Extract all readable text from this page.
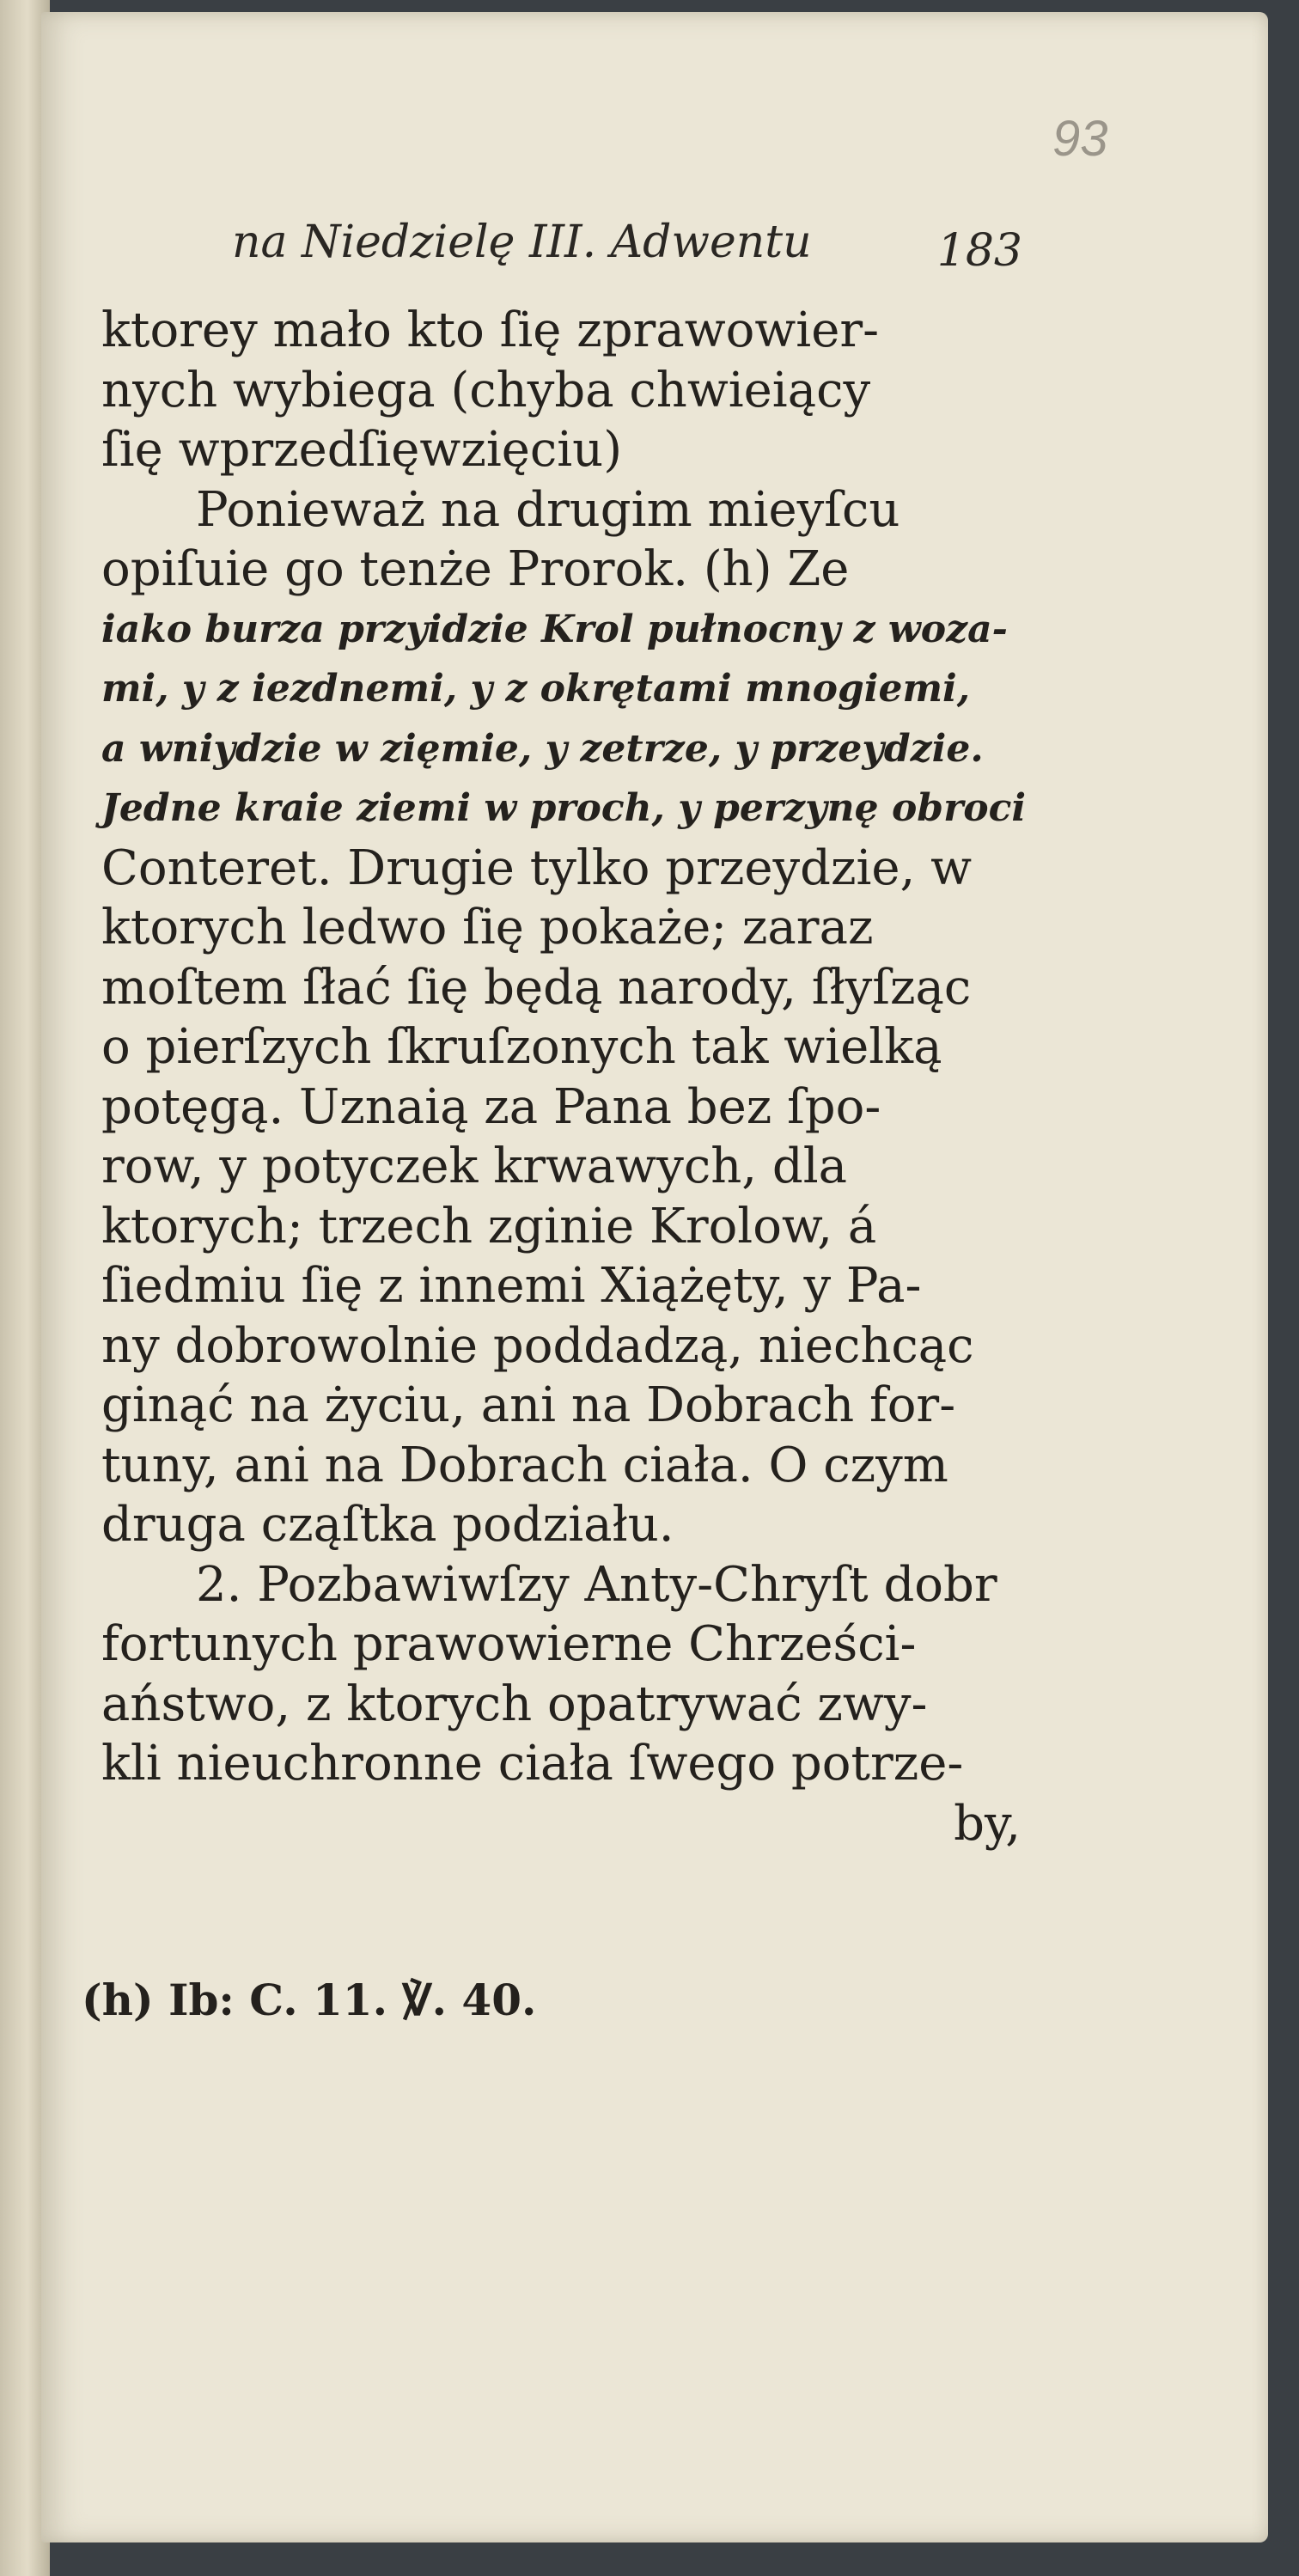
93
na Niedzielę III. Adwentu	183
ktorey mało kto ſię zprawowier-
nych wybiega (chyba chwieiący
ſię wprzedſięwzięciu)
Ponieważ na drugim mieyſcu
opiſuie go tenże Prorok. (h) Ze
iako burza przyidzie Krol pułnocny z woza-
mi, y z iezdnemi, y z okrętami mnogiemi,
a wniydzie w zięmie, y zetrze, y przeydzie.
Jedne kraie ziemi w proch, y perzynę obroci
Conteret. Drugie tylko przeydzie, w
ktorych ledwo ſię pokaże; zaraz
moſtem ſłać ſię będą narody, ſłyſząc
o pierſzych ſkruſzonych tak wielką
potęgą. Uznaią za Pana bez ſpo-
row, y potyczek krwawych, dla
ktorych; trzech zginie Krolow, á
ſiedmiu ſię z innemi Xiążęty, y Pa-
ny dobrowolnie poddadzą, niechcąc
ginąć na życiu, ani na Dobrach for-
tuny, ani na Dobrach ciała. O czym
druga cząſtka podziału.
2. Pozbawiwſzy Anty-Chryſt dobr
fortunych prawowierne Chrześci-
aństwo, z ktorych opatrywać zwy-
kli nieuchronne ciała ſwego potrze-
by,
(h) Ib: C. 11. ℣. 40.
